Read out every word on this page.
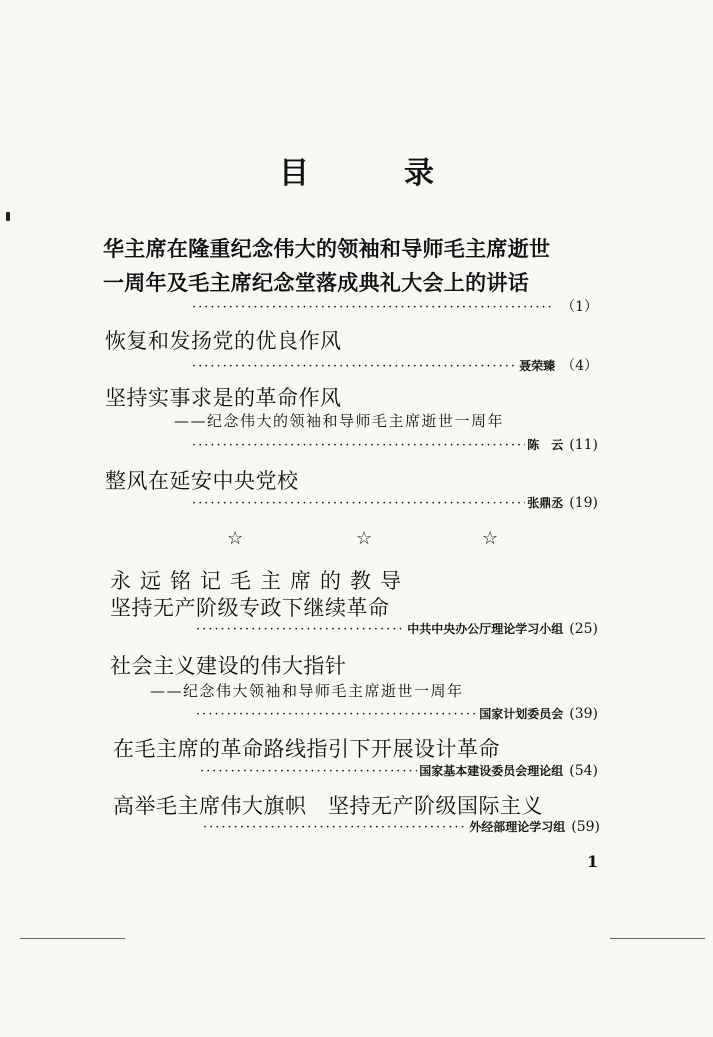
目	录
华主席在隆重纪念伟大的领袖和导师毛主席逝世
一周年及毛主席纪念堂落成典礼大会上的讲话
·····
（1）
恢复和发扬党的优良作风
·····
聂荣臻 （4）
坚持实事求是的革命作风
——纪念伟大的领袖和导师毛主席逝世一周年
·····
陈　云 (11)
整风在延安中央党校
·····
张鼎丞 (19)
☆	☆	☆
永远铭记毛主席的教导
坚持无产阶级专政下继续革命
·····
中共中央办公厅理论学习小组 (25)
社会主义建设的伟大指针
——纪念伟大领袖和导师毛主席逝世一周年
·····
国家计划委员会 (39)
在毛主席的革命路线指引下开展设计革命
·····
国家基本建设委员会理论组 (54)
高举毛主席伟大旗帜　坚持无产阶级国际主义
·····
外经部理论学习组 (59)
1
